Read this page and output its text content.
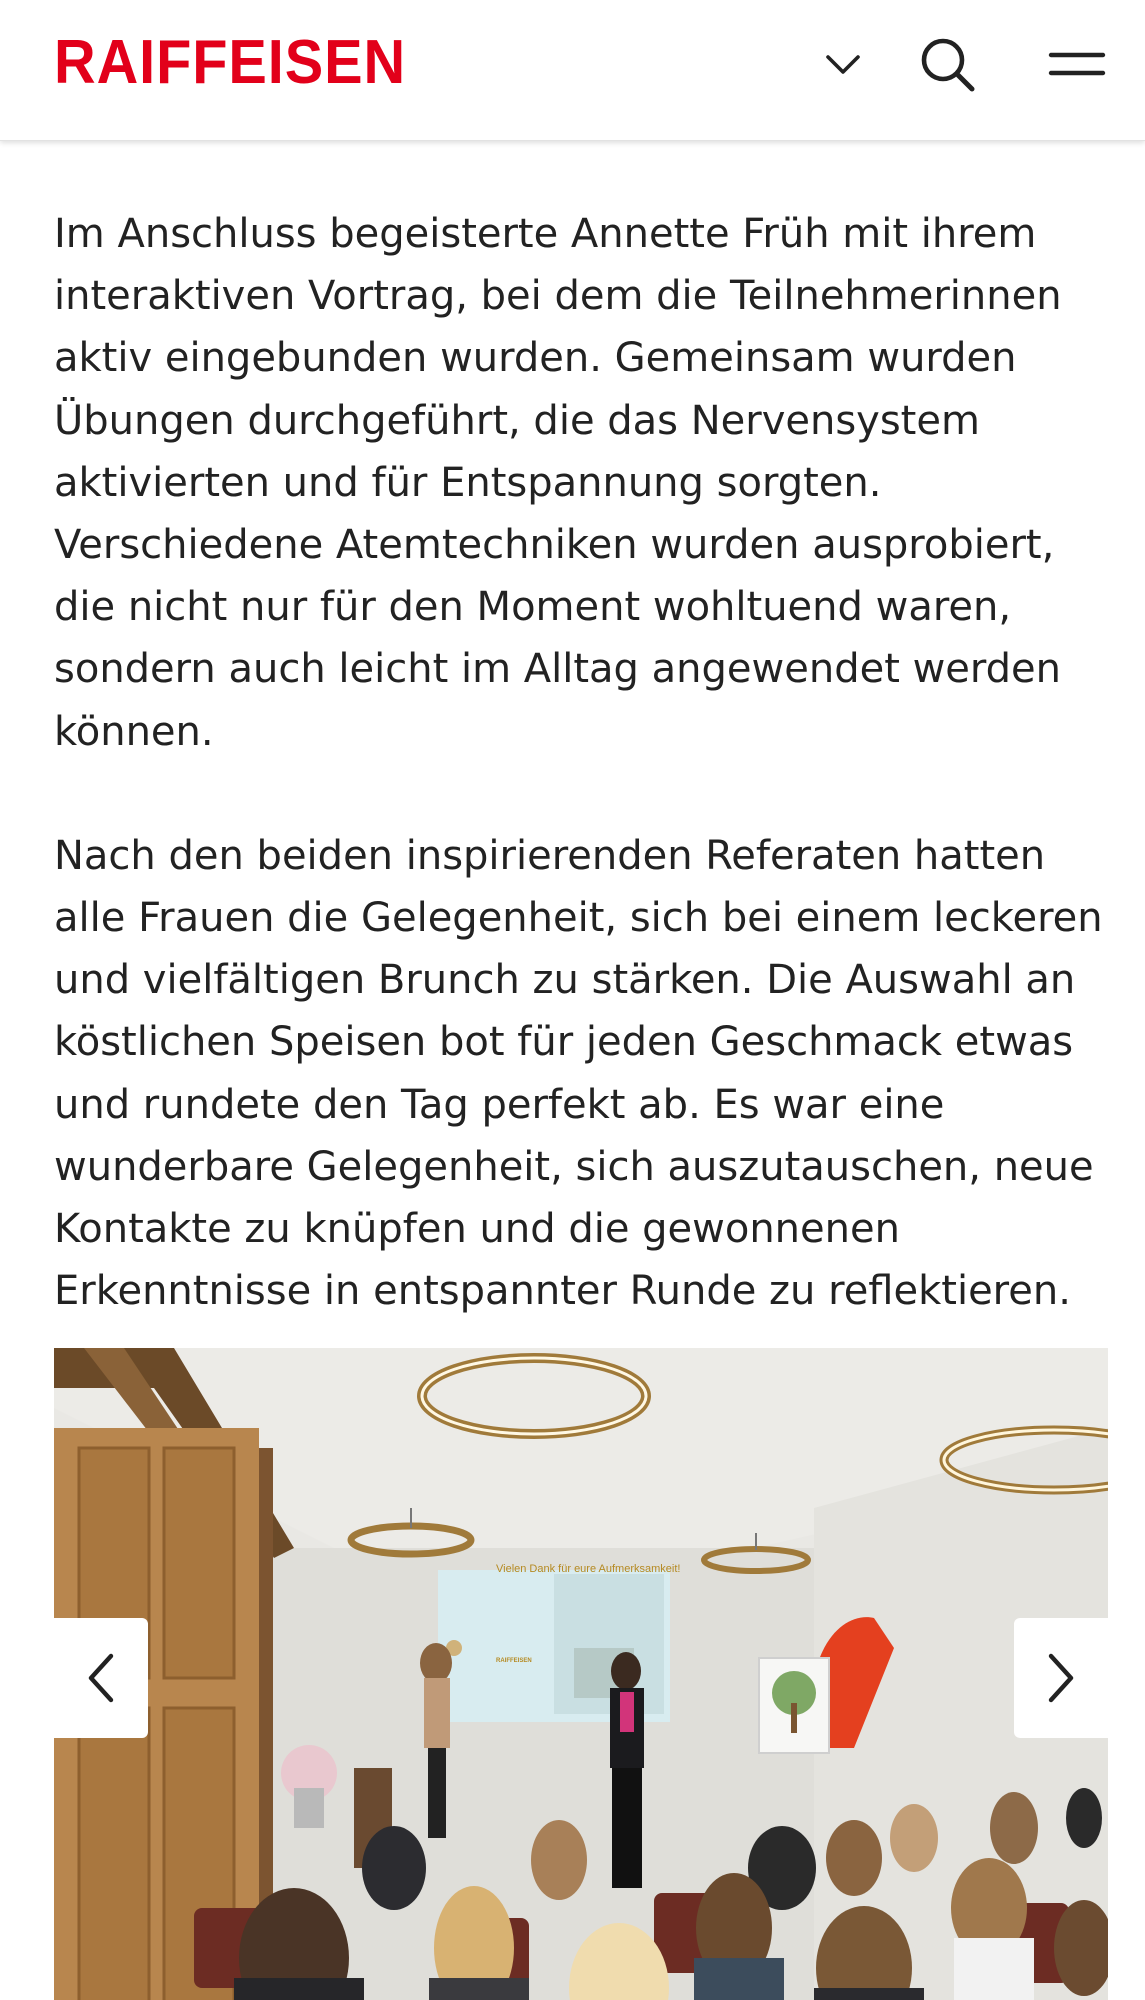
RAIFFEISEN

Im Anschluss begeisterte Annette Früh mit ihrem interaktiven Vortrag, bei dem die Teilnehmerinnen aktiv eingebunden wurden. Gemeinsam wurden Übungen durchgeführt, die das Nervensystem aktivierten und für Entspannung sorgten. Verschiedene Atemtechniken wurden ausprobiert, die nicht nur für den Moment wohltuend waren, sondern auch leicht im Alltag angewendet werden können.

Nach den beiden inspirierenden Referaten hatten alle Frauen die Gelegenheit, sich bei einem leckeren und vielfältigen Brunch zu stärken. Die Auswahl an köstlichen Speisen bot für jeden Geschmack etwas und rundete den Tag perfekt ab. Es war eine wunderbare Gelegenheit, sich auszutauschen, neue Kontakte zu knüpfen und die gewonnenen Erkenntnisse in entspannter Runde zu reflektieren.

Vielen Dank für eure Aufmerksamkeit!
RAIFFEISEN
